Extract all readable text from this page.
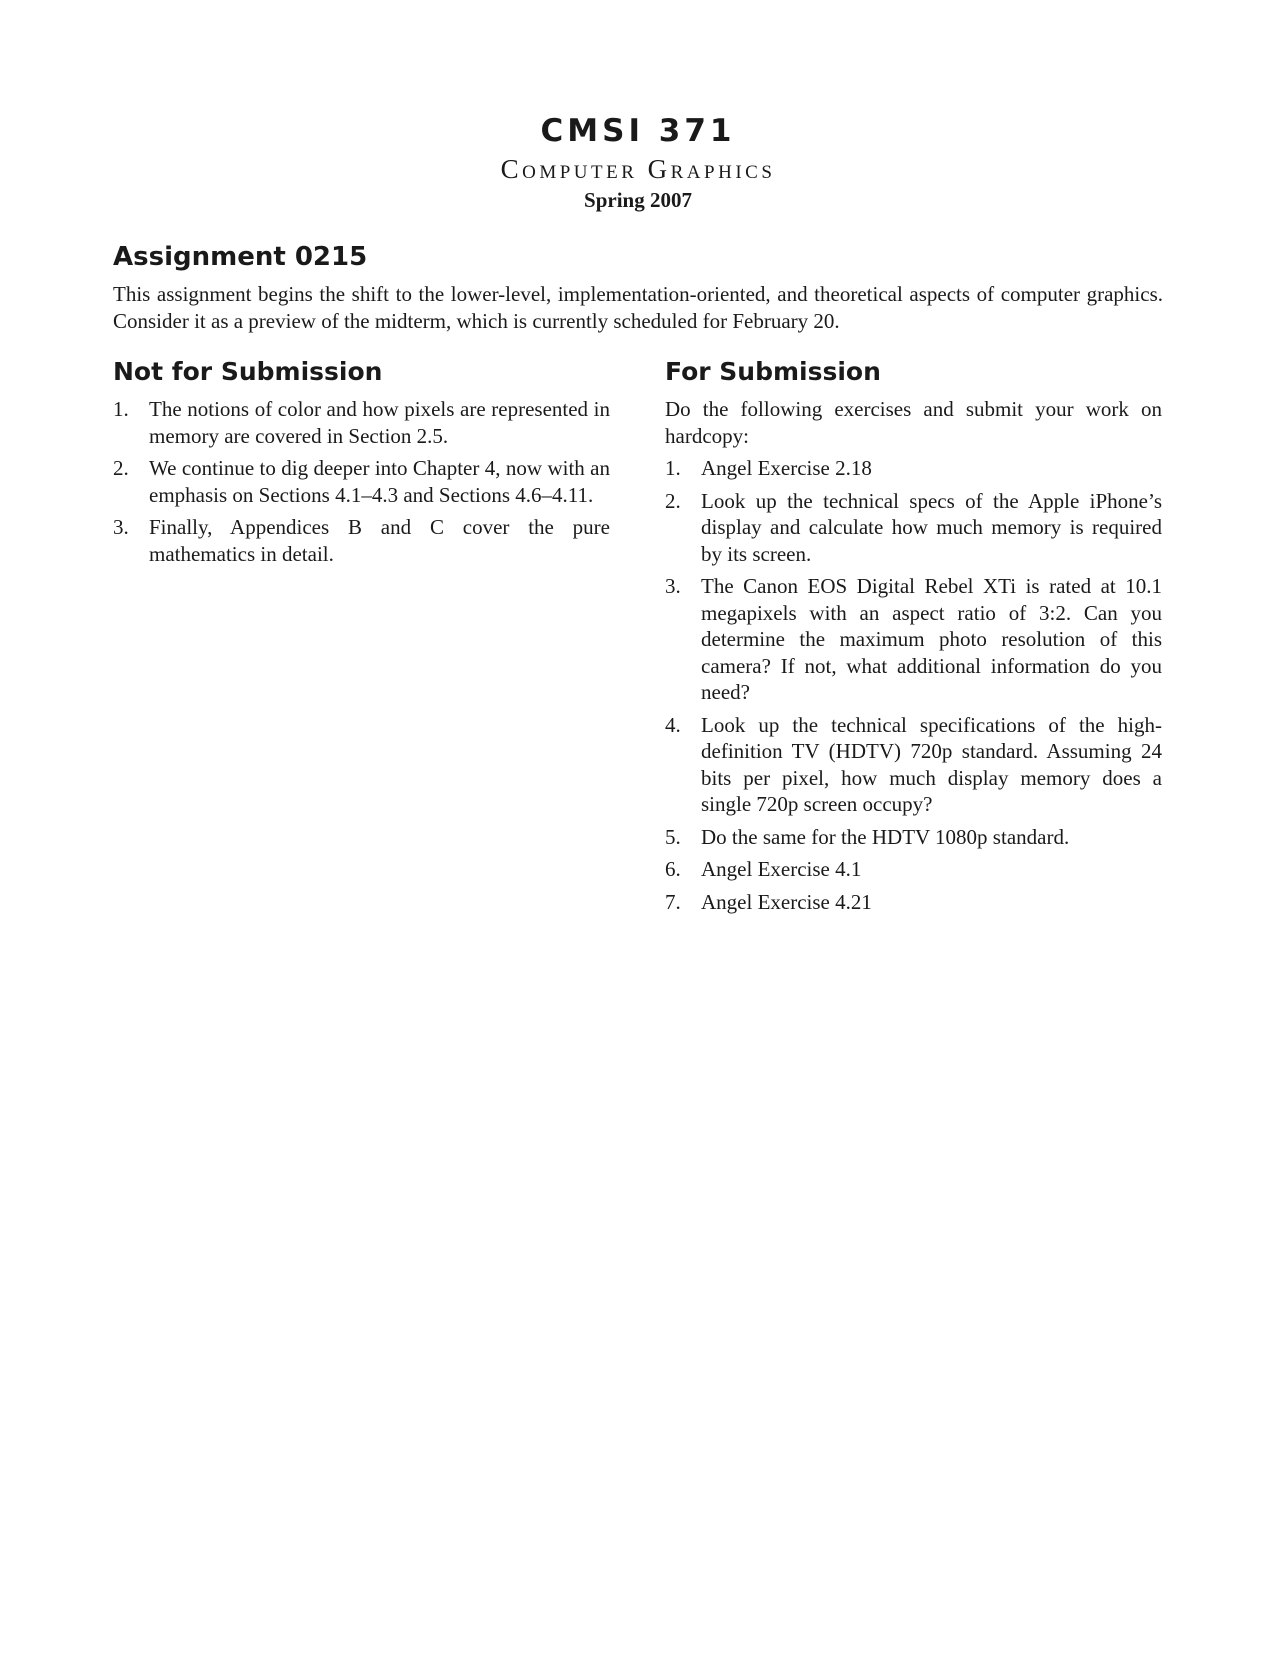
CMSI 371
Computer Graphics
Spring 2007
Assignment 0215

This assignment begins the shift to the lower-level, implementation-oriented, and theoretical aspects of computer graphics. Consider it as a preview of the midterm, which is currently scheduled for February 20.

Not for Submission
1. The notions of color and how pixels are represented in memory are covered in Section 2.5.
2. We continue to dig deeper into Chapter 4, now with an emphasis on Sections 4.1–4.3 and Sections 4.6–4.11.
3. Finally, Appendices B and C cover the pure mathematics in detail.
For Submission

Do the following exercises and submit your work on hardcopy:

1. Angel Exercise 2.18
2. Look up the technical specs of the Apple iPhone’s display and calculate how much memory is required by its screen.
3. The Canon EOS Digital Rebel XTi is rated at 10.1 megapixels with an aspect ratio of 3:2. Can you determine the maximum photo resolution of this camera? If not, what additional information do you need?
4. Look up the technical specifications of the high-definition TV (HDTV) 720p standard. Assuming 24 bits per pixel, how much display memory does a single 720p screen occupy?
5. Do the same for the HDTV 1080p standard.
6. Angel Exercise 4.1
7. Angel Exercise 4.21
